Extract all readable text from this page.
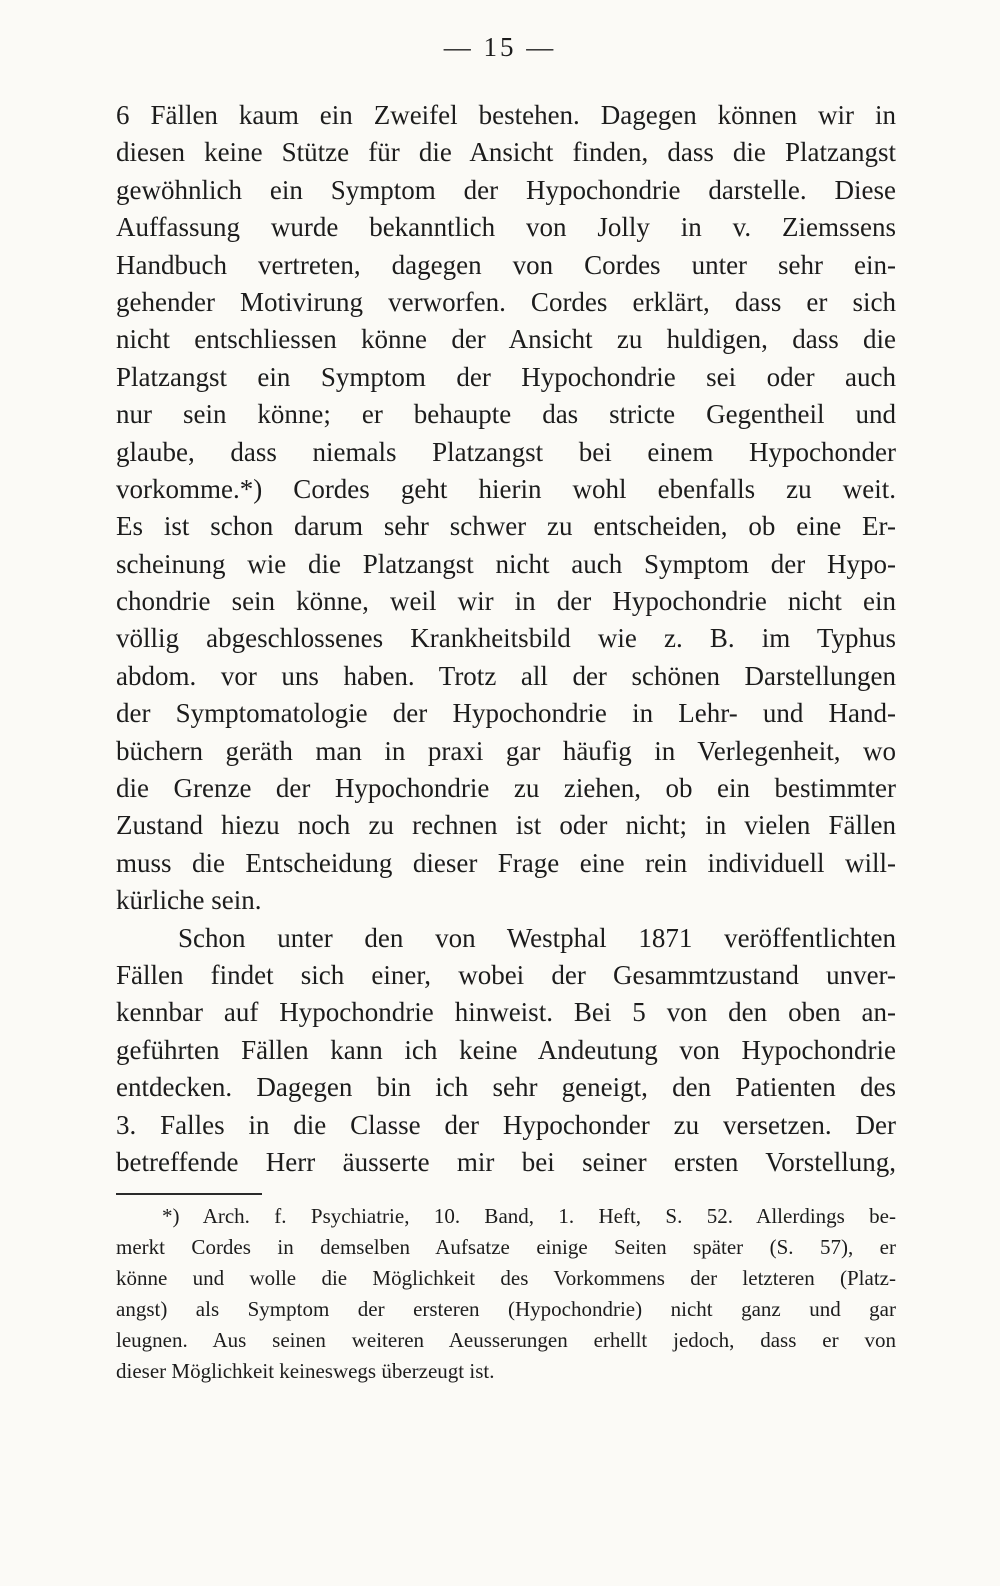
— 15 —
6 Fällen kaum ein Zweifel bestehen. Dagegen können wir in
diesen keine Stütze für die Ansicht finden, dass die Platzangst
gewöhnlich ein Symptom der Hypochondrie darstelle. Diese
Auffassung wurde bekanntlich von Jolly in v. Ziemssens
Handbuch vertreten, dagegen von Cordes unter sehr ein-
gehender Motivirung verworfen. Cordes erklärt, dass er sich
nicht entschliessen könne der Ansicht zu huldigen, dass die
Platzangst ein Symptom der Hypochondrie sei oder auch
nur sein könne; er behaupte das stricte Gegentheil und
glaube, dass niemals Platzangst bei einem Hypochonder
vorkomme.*) Cordes geht hierin wohl ebenfalls zu weit.
Es ist schon darum sehr schwer zu entscheiden, ob eine Er-
scheinung wie die Platzangst nicht auch Symptom der Hypo-
chondrie sein könne, weil wir in der Hypochondrie nicht ein
völlig abgeschlossenes Krankheitsbild wie z. B. im Typhus
abdom. vor uns haben. Trotz all der schönen Darstellungen
der Symptomatologie der Hypochondrie in Lehr- und Hand-
büchern geräth man in praxi gar häufig in Verlegenheit, wo
die Grenze der Hypochondrie zu ziehen, ob ein bestimmter
Zustand hiezu noch zu rechnen ist oder nicht; in vielen Fällen
muss die Entscheidung dieser Frage eine rein individuell will-
kürliche sein.
Schon unter den von Westphal 1871 veröffentlichten
Fällen findet sich einer, wobei der Gesammtzustand unver-
kennbar auf Hypochondrie hinweist. Bei 5 von den oben an-
geführten Fällen kann ich keine Andeutung von Hypochondrie
entdecken. Dagegen bin ich sehr geneigt, den Patienten des
3. Falles in die Classe der Hypochonder zu versetzen. Der
betreffende Herr äusserte mir bei seiner ersten Vorstellung,
*) Arch. f. Psychiatrie, 10. Band, 1. Heft, S. 52. Allerdings be-
merkt Cordes in demselben Aufsatze einige Seiten später (S. 57), er
könne und wolle die Möglichkeit des Vorkommens der letzteren (Platz-
angst) als Symptom der ersteren (Hypochondrie) nicht ganz und gar
leugnen. Aus seinen weiteren Aeusserungen erhellt jedoch, dass er von
dieser Möglichkeit keineswegs überzeugt ist.
